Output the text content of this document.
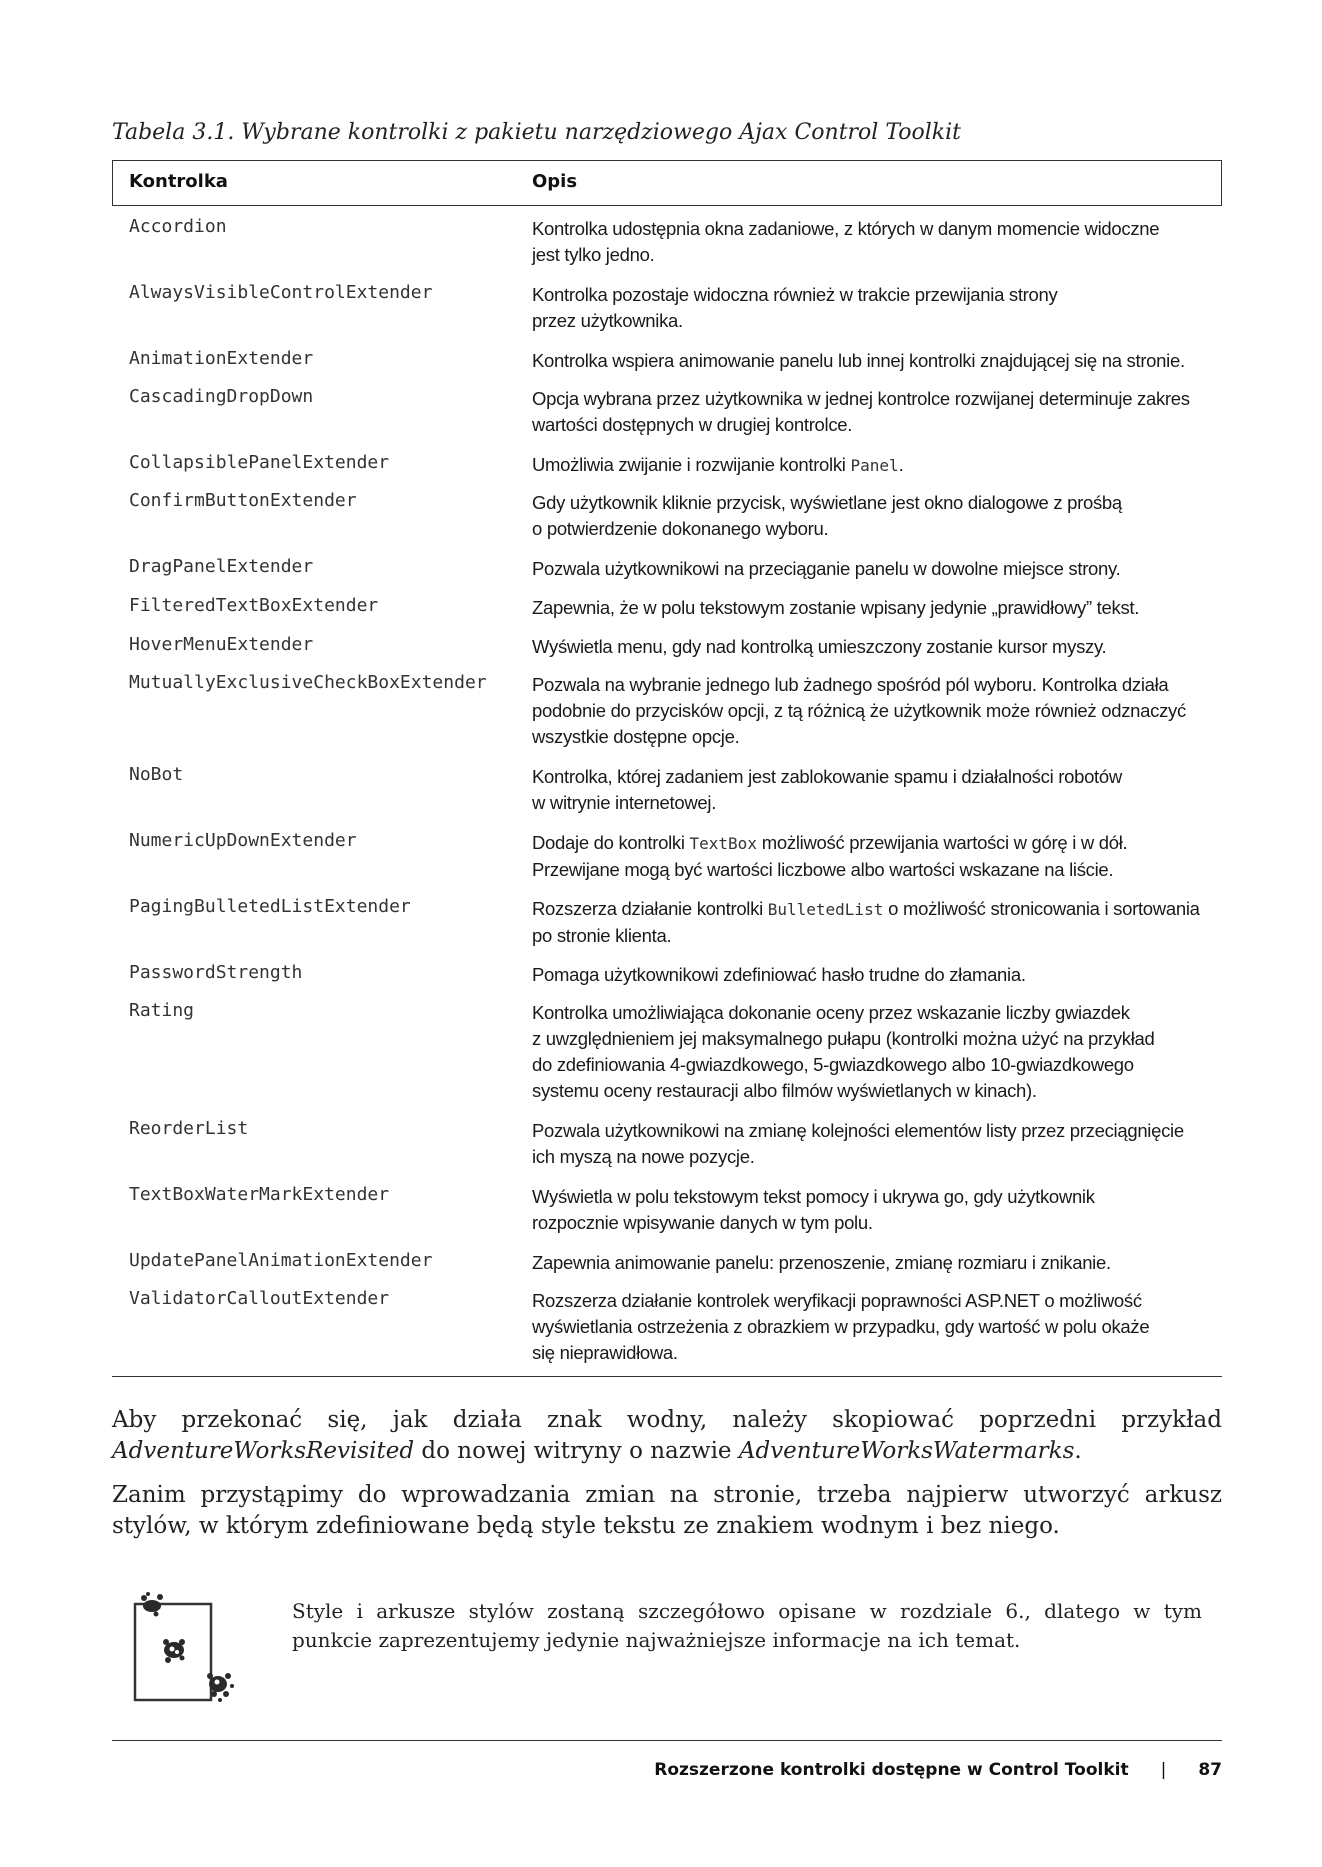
Tabela 3.1. Wybrane kontrolki z pakietu narzędziowego Ajax Control Toolkit
Kontrolka	Opis
Accordion	Kontrolka udostępnia okna zadaniowe, z których w danym momencie widoczne
jest tylko jedno.
AlwaysVisibleControlExtender	Kontrolka pozostaje widoczna również w trakcie przewijania strony
przez użytkownika.
AnimationExtender	Kontrolka wspiera animowanie panelu lub innej kontrolki znajdującej się na stronie.
CascadingDropDown	Opcja wybrana przez użytkownika w jednej kontrolce rozwijanej determinuje zakres
wartości dostępnych w drugiej kontrolce.
CollapsiblePanelExtender	Umożliwia zwijanie i rozwijanie kontrolki Panel.
ConfirmButtonExtender	Gdy użytkownik kliknie przycisk, wyświetlane jest okno dialogowe z prośbą
o potwierdzenie dokonanego wyboru.
DragPanelExtender	Pozwala użytkownikowi na przeciąganie panelu w dowolne miejsce strony.
FilteredTextBoxExtender	Zapewnia, że w polu tekstowym zostanie wpisany jedynie „prawidłowy” tekst.
HoverMenuExtender	Wyświetla menu, gdy nad kontrolką umieszczony zostanie kursor myszy.
MutuallyExclusiveCheckBoxExtender Pozwala na wybranie jednego lub żadnego spośród pól wyboru. Kontrolka działa
podobnie do przycisków opcji, z tą różnicą że użytkownik może również odznaczyć
wszystkie dostępne opcje.
NoBot	Kontrolka, której zadaniem jest zablokowanie spamu i działalności robotów
w witrynie internetowej.
NumericUpDownExtender	Dodaje do kontrolki TextBox możliwość przewijania wartości w górę i w dół.
Przewijane mogą być wartości liczbowe albo wartości wskazane na liście.
PagingBulletedListExtender	Rozszerza działanie kontrolki BulletedList o możliwość stronicowania i sortowania
po stronie klienta.
PasswordStrength	Pomaga użytkownikowi zdefiniować hasło trudne do złamania.
Rating	Kontrolka umożliwiająca dokonanie oceny przez wskazanie liczby gwiazdek
z uwzględnieniem jej maksymalnego pułapu (kontrolki można użyć na przykład
do zdefiniowania 4-gwiazdkowego, 5-gwiazdkowego albo 10-gwiazdkowego
systemu oceny restauracji albo filmów wyświetlanych w kinach).
ReorderList	Pozwala użytkownikowi na zmianę kolejności elementów listy przez przeciągnięcie
ich myszą na nowe pozycje.
TextBoxWaterMarkExtender	Wyświetla w polu tekstowym tekst pomocy i ukrywa go, gdy użytkownik
rozpocznie wpisywanie danych w tym polu.
UpdatePanelAnimationExtender	Zapewnia animowanie panelu: przenoszenie, zmianę rozmiaru i znikanie.
ValidatorCalloutExtender	Rozszerza działanie kontrolek weryfikacji poprawności ASP.NET o możliwość
wyświetlania ostrzeżenia z obrazkiem w przypadku, gdy wartość w polu okaże
się nieprawidłowa.
Aby przekonać się, jak działa znak wodny, należy skopiować poprzedni przykład AdventureWorksRevisited do nowej witryny o nazwie AdventureWorksWatermarks.
Zanim przystąpimy do wprowadzania zmian na stronie, trzeba najpierw utworzyć arkusz stylów, w którym zdefiniowane będą style tekstu ze znakiem wodnym i bez niego.
Style i arkusze stylów zostaną szczegółowo opisane w rozdziale 6., dlatego w tym punkcie zaprezentujemy jedynie najważniejsze informacje na ich temat.
Rozszerzone kontrolki dostępne w Control Toolkit | 87
